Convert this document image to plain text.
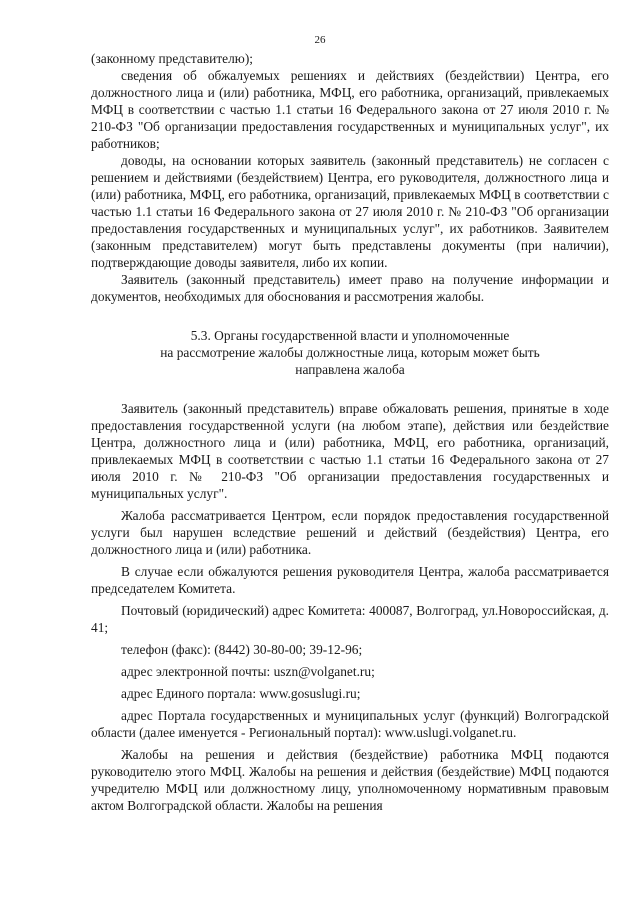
26

(законному представителю);

сведения об обжалуемых решениях и действиях (бездействии) Центра, его должностного лица и (или) работника, МФЦ, его работника, организаций, привлекаемых МФЦ в соответствии с частью 1.1 статьи 16 Федерального закона от 27 июля 2010 г. № 210-ФЗ "Об организации предоставления государственных и муниципальных услуг", их работников;

доводы, на основании которых заявитель (законный представитель) не согласен с решением и действиями (бездействием) Центра, его руководителя, должностного лица и (или) работника, МФЦ, его работника, организаций, привлекаемых МФЦ в соответствии с частью 1.1 статьи 16 Федерального закона от 27 июля 2010 г. № 210-ФЗ "Об организации предоставления государственных и муниципальных услуг", их работников. Заявителем (законным представителем) могут быть представлены документы (при наличии), подтверждающие доводы заявителя, либо их копии.

Заявитель (законный представитель) имеет право на получение информации и документов, необходимых для обоснования и рассмотрения жалобы.

5.3. Органы государственной власти и уполномоченные
на рассмотрение жалобы должностные лица, которым может быть
направлена жалоба

Заявитель (законный представитель) вправе обжаловать решения, принятые в ходе предоставления государственной услуги (на любом этапе), действия или бездействие Центра, должностного лица и (или) работника, МФЦ, его работника, организаций, привлекаемых МФЦ в соответствии с частью 1.1 статьи 16 Федерального закона от 27 июля 2010 г. № 210-ФЗ "Об организации предоставления государственных и муниципальных услуг".

Жалоба рассматривается Центром, если порядок предоставления государственной услуги был нарушен вследствие решений и действий (бездействия) Центра, его должностного лица и (или) работника.

В случае если обжалуются решения руководителя Центра, жалоба рассматривается председателем Комитета.

Почтовый (юридический) адрес Комитета: 400087, Волгоград, ул.Новороссийская, д. 41;

телефон (факс): (8442) 30-80-00; 39-12-96;

адрес электронной почты: uszn@volganet.ru;

адрес Единого портала: www.gosuslugi.ru;

адрес Портала государственных и муниципальных услуг (функций) Волгоградской области (далее именуется - Региональный портал): www.uslugi.volganet.ru.

Жалобы на решения и действия (бездействие) работника МФЦ подаются руководителю этого МФЦ. Жалобы на решения и действия (бездействие) МФЦ подаются учредителю МФЦ или должностному лицу, уполномоченному нормативным правовым актом Волгоградской области. Жалобы на решения
